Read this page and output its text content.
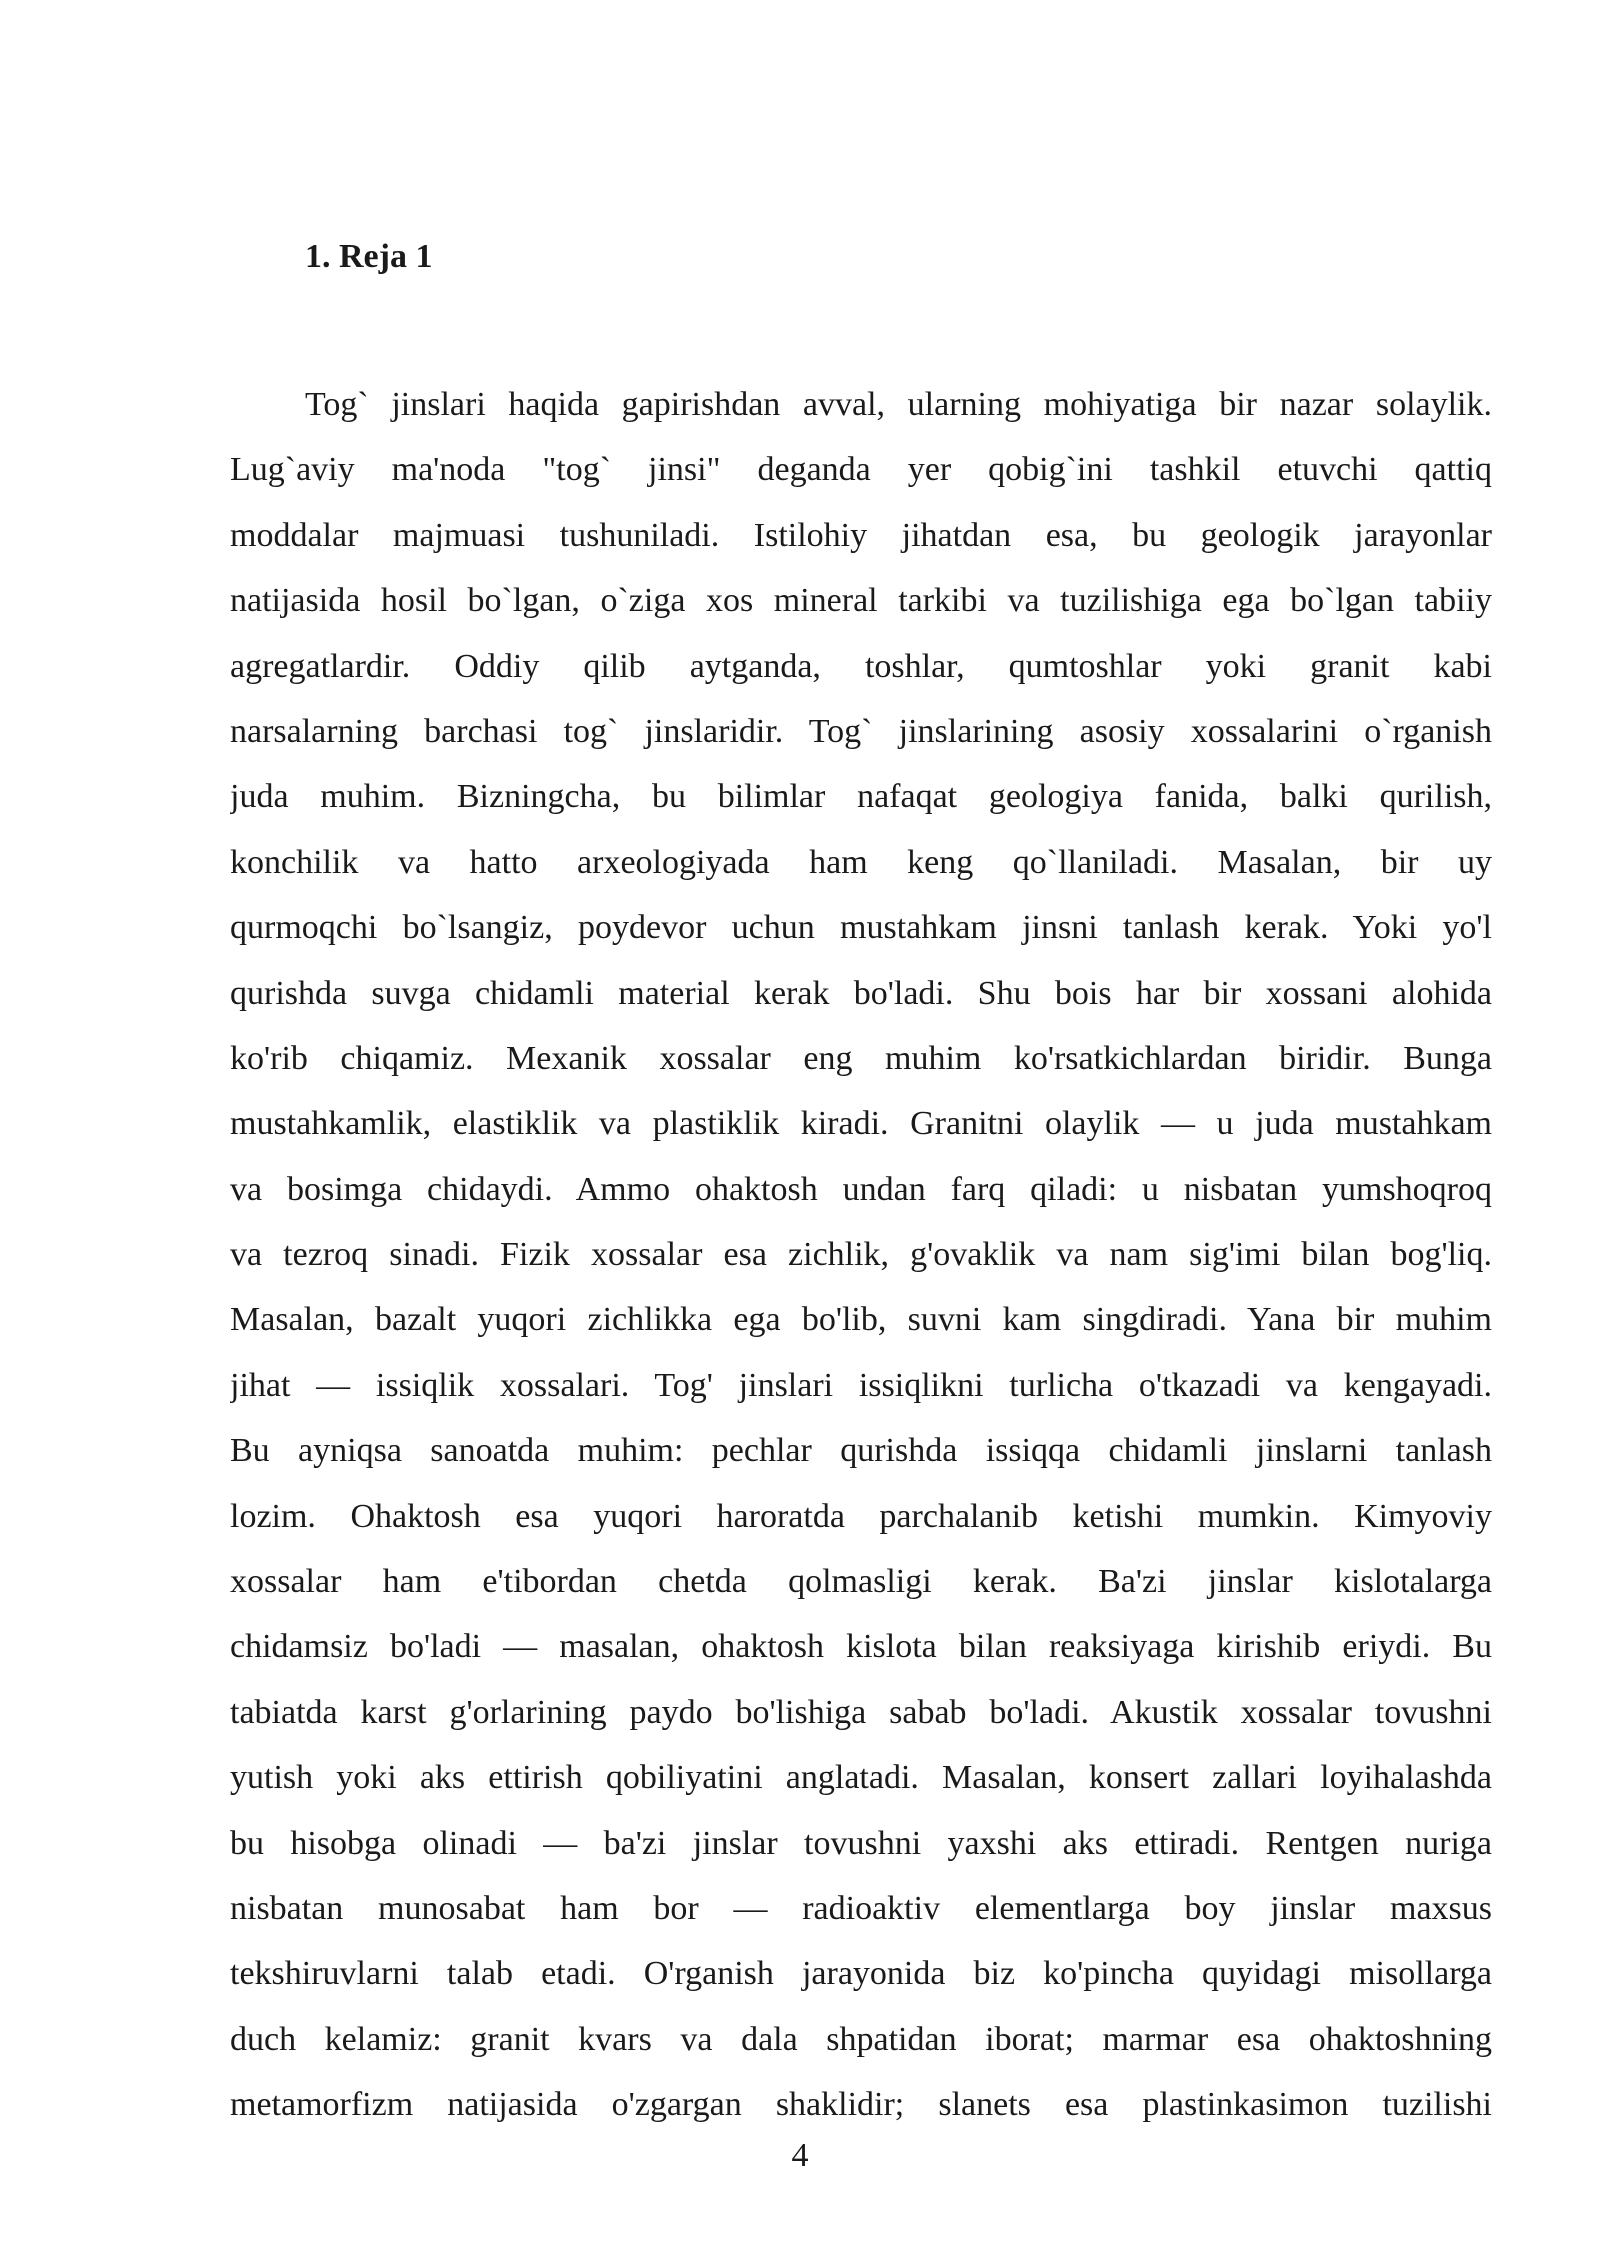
1. Reja 1
Tog` jinslari haqida gapirishdan avval, ularning mohiyatiga bir nazar solaylik.
Lug`aviy ma'noda "tog` jinsi" deganda yer qobig`ini tashkil etuvchi qattiq
moddalar majmuasi tushuniladi. Istilohiy jihatdan esa, bu geologik jarayonlar
natijasida hosil bo`lgan, o`ziga xos mineral tarkibi va tuzilishiga ega bo`lgan tabiiy
agregatlardir. Oddiy qilib aytganda, toshlar, qumtoshlar yoki granit kabi
narsalarning barchasi tog` jinslaridir. Tog` jinslarining asosiy xossalarini o`rganish
juda muhim. Bizningcha, bu bilimlar nafaqat geologiya fanida, balki qurilish,
konchilik va hatto arxeologiyada ham keng qo`llaniladi. Masalan, bir uy
qurmoqchi bo`lsangiz, poydevor uchun mustahkam jinsni tanlash kerak. Yoki yo'l
qurishda suvga chidamli material kerak bo'ladi. Shu bois har bir xossani alohida
ko'rib chiqamiz. Mexanik xossalar eng muhim ko'rsatkichlardan biridir. Bunga
mustahkamlik, elastiklik va plastiklik kiradi. Granitni olaylik — u juda mustahkam
va bosimga chidaydi. Ammo ohaktosh undan farq qiladi: u nisbatan yumshoqroq
va tezroq sinadi. Fizik xossalar esa zichlik, g'ovaklik va nam sig'imi bilan bog'liq.
Masalan, bazalt yuqori zichlikka ega bo'lib, suvni kam singdiradi. Yana bir muhim
jihat — issiqlik xossalari. Tog' jinslari issiqlikni turlicha o'tkazadi va kengayadi.
Bu ayniqsa sanoatda muhim: pechlar qurishda issiqqa chidamli jinslarni tanlash
lozim. Ohaktosh esa yuqori haroratda parchalanib ketishi mumkin. Kimyoviy
xossalar ham e'tibordan chetda qolmasligi kerak. Ba'zi jinslar kislotalarga
chidamsiz bo'ladi — masalan, ohaktosh kislota bilan reaksiyaga kirishib eriydi. Bu
tabiatda karst g'orlarining paydo bo'lishiga sabab bo'ladi. Akustik xossalar tovushni
yutish yoki aks ettirish qobiliyatini anglatadi. Masalan, konsert zallari loyihalashda
bu hisobga olinadi — ba'zi jinslar tovushni yaxshi aks ettiradi. Rentgen nuriga
nisbatan munosabat ham bor — radioaktiv elementlarga boy jinslar maxsus
tekshiruvlarni talab etadi. O'rganish jarayonida biz ko'pincha quyidagi misollarga
duch kelamiz: granit kvars va dala shpatidan iborat; marmar esa ohaktoshning
metamorfizm natijasida o'zgargan shaklidir; slanets esa plastinkasimon tuzilishi
4
